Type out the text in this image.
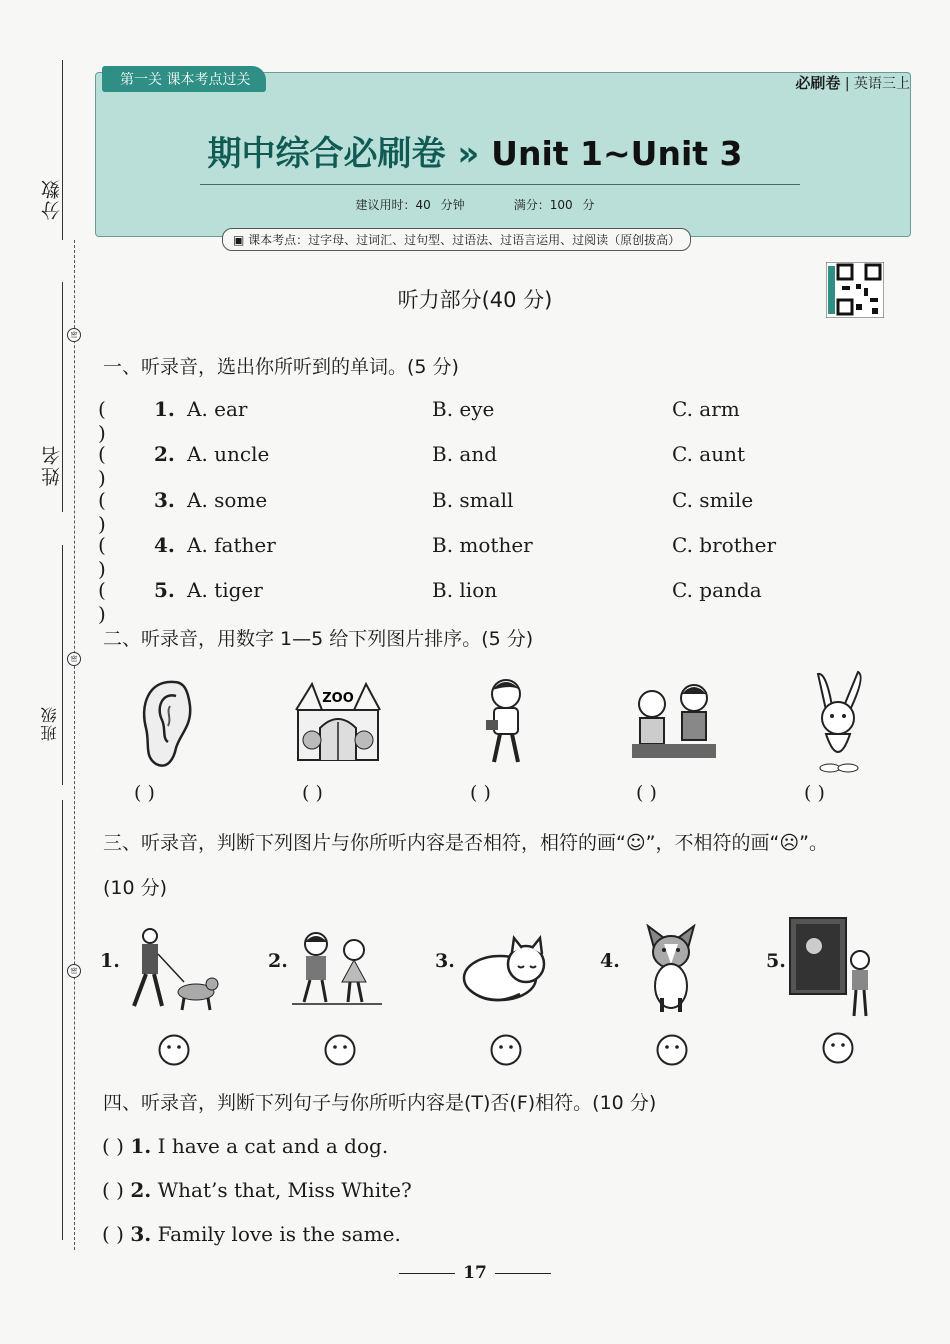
分数
姓名
班级
密
密
密
第一关 课本考点过关	必刷卷 | 英语三上
期中综合必刷卷 » Unit 1~Unit 3
建议用时：40 分钟	满分：100 分
▣ 课本考点：过字母、过词汇、过句型、过语法、过语言运用、过阅读（原创拔高）
听力部分(40 分)
一、听录音，选出你所听到的单词。(5 分)
( )
1. A. ear	B. eye	C. arm
( )
2. A. uncle	B. and	C. aunt
( )
3. A. some	B. small	C. smile
( )
4. A. father	B. mother	C. brother
( )
5. A. tiger	B. lion	C. panda
二、听录音，用数字 1—5 给下列图片排序。(5 分)
ZOO
( )	( )	( )	( )	( )
三、听录音，判断下列图片与你所听内容是否相符，相符的画“☺”，不相符的画“☹”。
(10 分)
1.	2.	3.	4.	5.
四、听录音，判断下列句子与你所听内容是(T)否(F)相符。(10 分)
( ) 1. I have a cat and a dog.
( ) 2. What’s that, Miss White?
( ) 3. Family love is the same.
17
